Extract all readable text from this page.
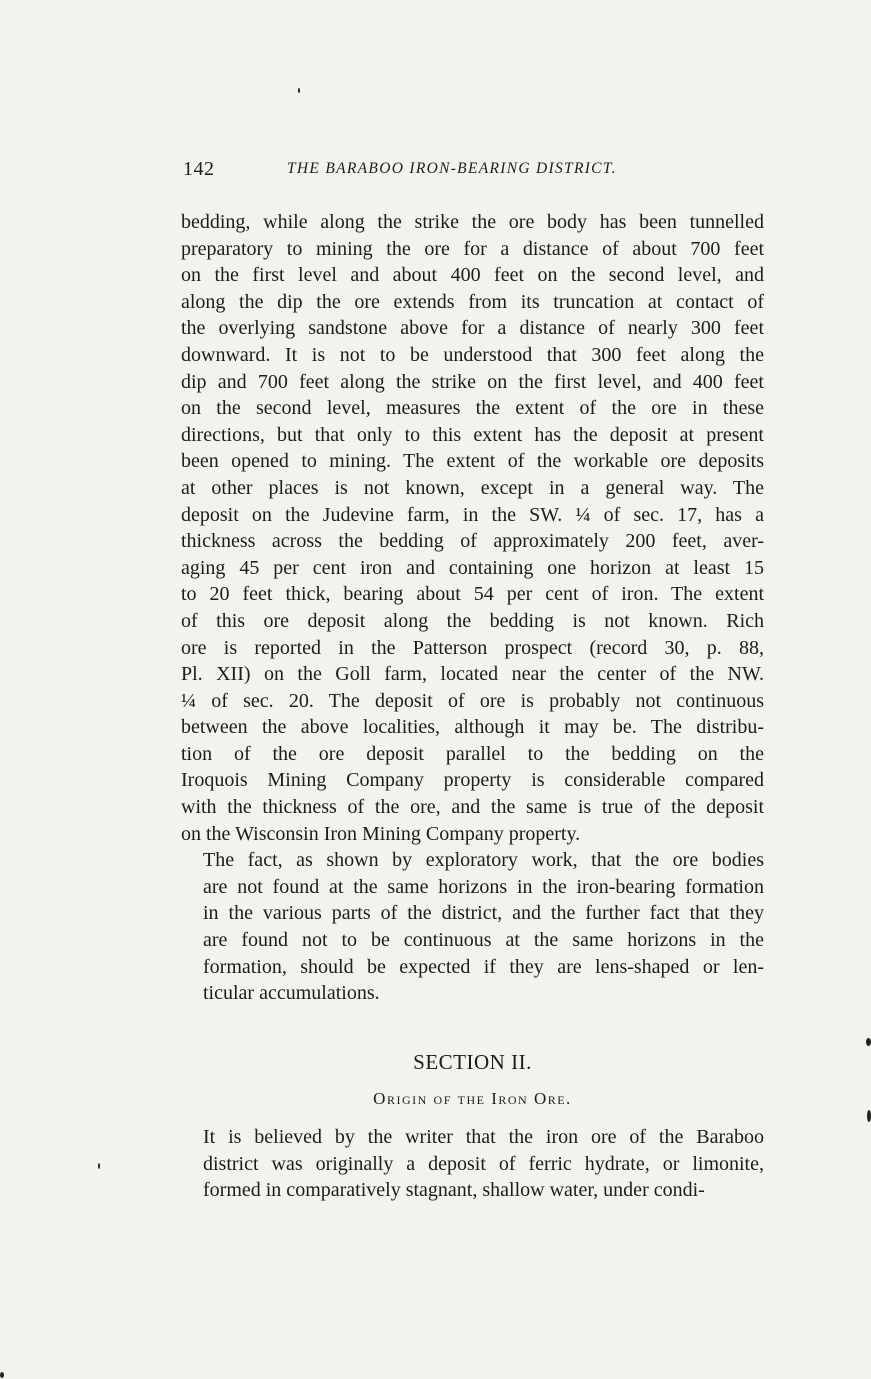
142	THE BARABOO IRON-BEARING DISTRICT.

bedding, while along the strike the ore body has been tunnelled
preparatory to mining the ore for a distance of about 700 feet
on the first level and about 400 feet on the second level, and
along the dip the ore extends from its truncation at contact of
the overlying sandstone above for a distance of nearly 300 feet
downward. It is not to be understood that 300 feet along the
dip and 700 feet along the strike on the first level, and 400 feet
on the second level, measures the extent of the ore in these
directions, but that only to this extent has the deposit at present
been opened to mining. The extent of the workable ore deposits
at other places is not known, except in a general way. The
deposit on the Judevine farm, in the SW. ¼ of sec. 17, has a
thickness across the bedding of approximately 200 feet, aver-
aging 45 per cent iron and containing one horizon at least 15
to 20 feet thick, bearing about 54 per cent of iron. The extent
of this ore deposit along the bedding is not known. Rich
ore is reported in the Patterson prospect (record 30, p. 88,
Pl. XII) on the Goll farm, located near the center of the NW.
¼ of sec. 20. The deposit of ore is probably not continuous
between the above localities, although it may be. The distribu-
tion of the ore deposit parallel to the bedding on the
Iroquois Mining Company property is considerable compared
with the thickness of the ore, and the same is true of the deposit
on the Wisconsin Iron Mining Company property.

The fact, as shown by exploratory work, that the ore bodies
are not found at the same horizons in the iron-bearing formation
in the various parts of the district, and the further fact that they
are found not to be continuous at the same horizons in the
formation, should be expected if they are lens-shaped or len-
ticular accumulations.

SECTION II.
Origin of the Iron Ore.

It is believed by the writer that the iron ore of the Baraboo
district was originally a deposit of ferric hydrate, or limonite,
formed in comparatively stagnant, shallow water, under condi-
